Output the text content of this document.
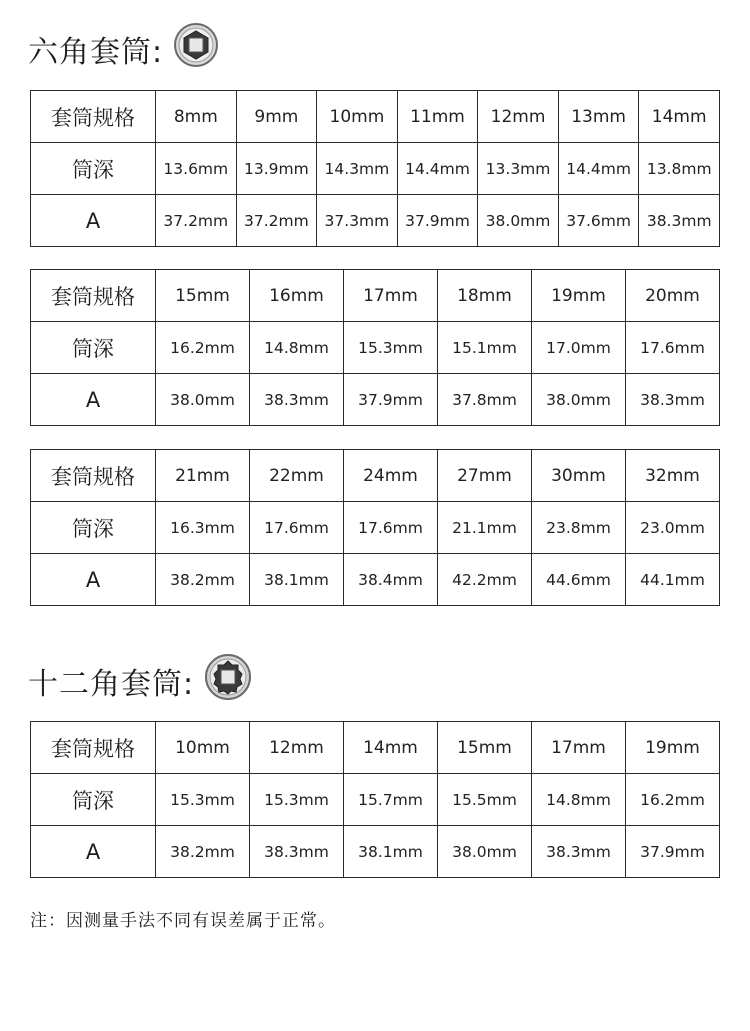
六角套筒:
套筒规格	8mm	9mm	10mm	11mm	12mm	13mm	14mm
筒深	13.6mm	13.9mm	14.3mm	14.4mm	13.3mm	14.4mm	13.8mm
A	37.2mm	37.2mm	37.3mm	37.9mm	38.0mm	37.6mm	38.3mm
套筒规格	15mm	16mm	17mm	18mm	19mm	20mm
筒深	16.2mm	14.8mm	15.3mm	15.1mm	17.0mm	17.6mm
A	38.0mm	38.3mm	37.9mm	37.8mm	38.0mm	38.3mm
套筒规格	21mm	22mm	24mm	27mm	30mm	32mm
筒深	16.3mm	17.6mm	17.6mm	21.1mm	23.8mm	23.0mm
A	38.2mm	38.1mm	38.4mm	42.2mm	44.6mm	44.1mm
十二角套筒:
套筒规格	10mm	12mm	14mm	15mm	17mm	19mm
筒深	15.3mm	15.3mm	15.7mm	15.5mm	14.8mm	16.2mm
A	38.2mm	38.3mm	38.1mm	38.0mm	38.3mm	37.9mm
注：因测量手法不同有误差属于正常。
